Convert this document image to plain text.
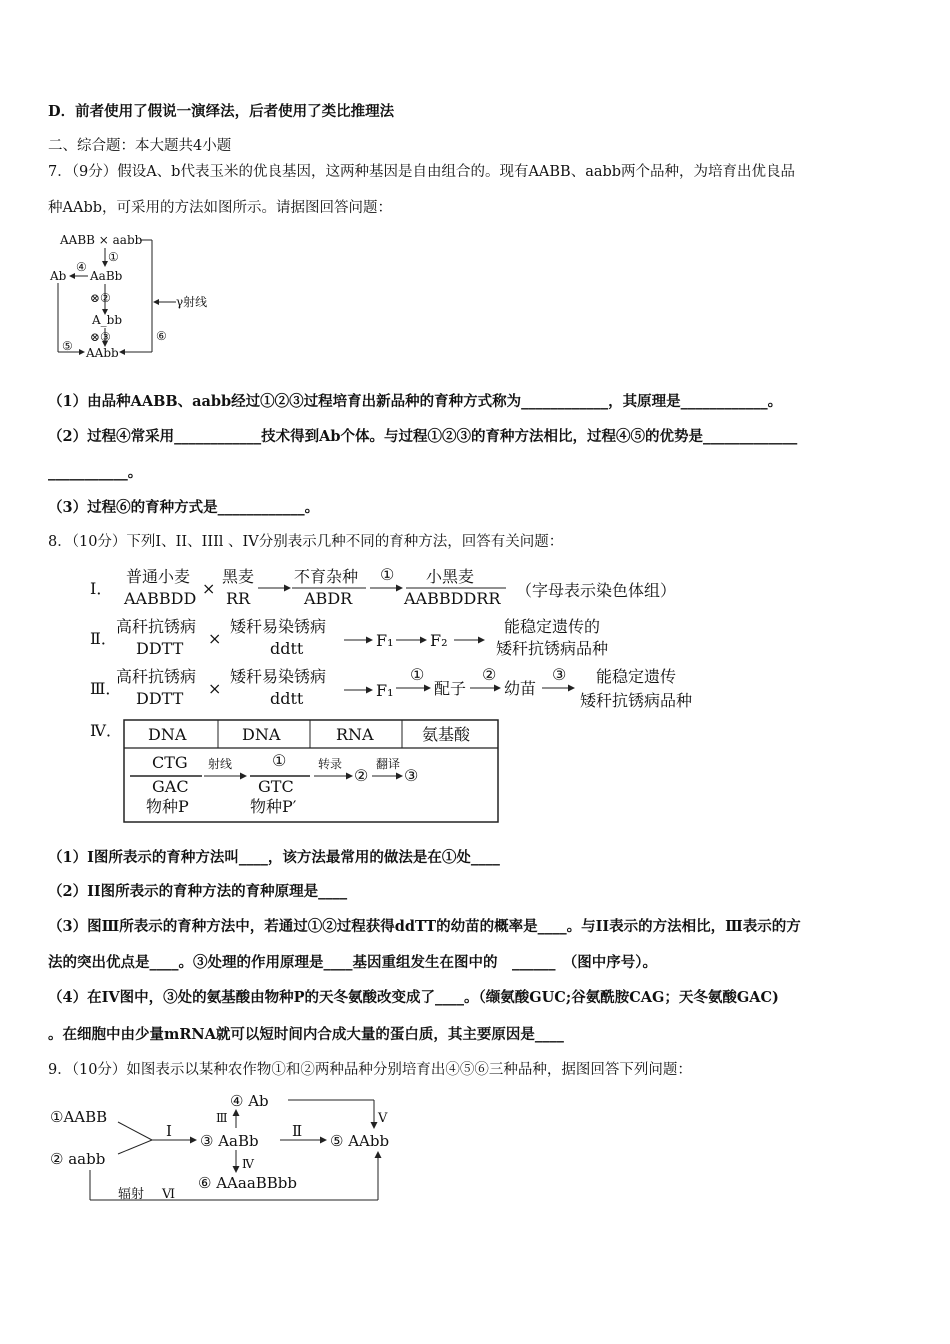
D．前者使用了假说一演绎法，后者使用了类比推理法
二、综合题：本大题共4小题
7．（9分）假设A、b代表玉米的优良基因，这两种基因是自由组合的。现有AABB、aabb两个品种，为培育出优良品
种AAbb，可采用的方法如图所示。请据图回答问题：
AABB × aabb
①
AaBb
④
Ab
⑤
⊗②	γ射线
A_bb
⊗③	⑥
AAbb
（1）由品种AABB、aabb经过①②③过程培育出新品种的育种方式称为____________，其原理是____________。
（2）过程④常采用____________技术得到Ab个体。与过程①②③的育种方法相比，过程④⑤的优势是_____________
___________。
（3）过程⑥的育种方式是____________。
8．（10分）下列I、II、IIIl 、IV分别表示几种不同的育种方法，回答有关问题：
I．
普通小麦
AABBDD
×
黑麦
RR
不育杂种
ABDR
① 小黑麦
AABBDDRR （字母表示染色体组）
Ⅱ．
高秆抗锈病
DDTT
×
矮秆易染锈病
ddtt	F₁ F₂
能稳定遗传的
矮秆抗锈病品种
Ⅲ．
高秆抗锈病
DDTT
×
矮秆易染锈病
ddtt	F₁
①
配子
②
幼苗
③ 能稳定遗传
矮秆抗锈病品种
Ⅳ． DNA	DNA	RNA	氨基酸
CTG
GAC
物种P
射线 ①
GTC
物种P′
转录
②
翻译
③
（1）I图所表示的育种方法叫____，该方法最常用的做法是在①处____
（2）II图所表示的育种方法的育种原理是____
（3）图Ⅲ所表示的育种方法中，若通过①②过程获得ddTT的幼苗的概率是____。与II表示的方法相比，Ⅲ表示的方
法的突出优点是____。③处理的作用原理是____基因重组发生在图中的　______　（图中序号）。
（4）在IV图中，③处的氨基酸由物种P的天冬氨酸改变成了____。（缬氨酸GUC;谷氨酰胺CAG；天冬氨酸GAC)
。在细胞中由少量mRNA就可以短时间内合成大量的蛋白质，其主要原因是____
9．（10分）如图表示以某种农作物①和②两种品种分别培育出④⑤⑥三种品种，据图回答下列问题：
①AABB
② aabb
I
③ AaBb
Ⅲ
④ Ab
V
Ⅱ
⑤ AAbb
Ⅳ
⑥ AAaaBBbb
辐射 Ⅵ
